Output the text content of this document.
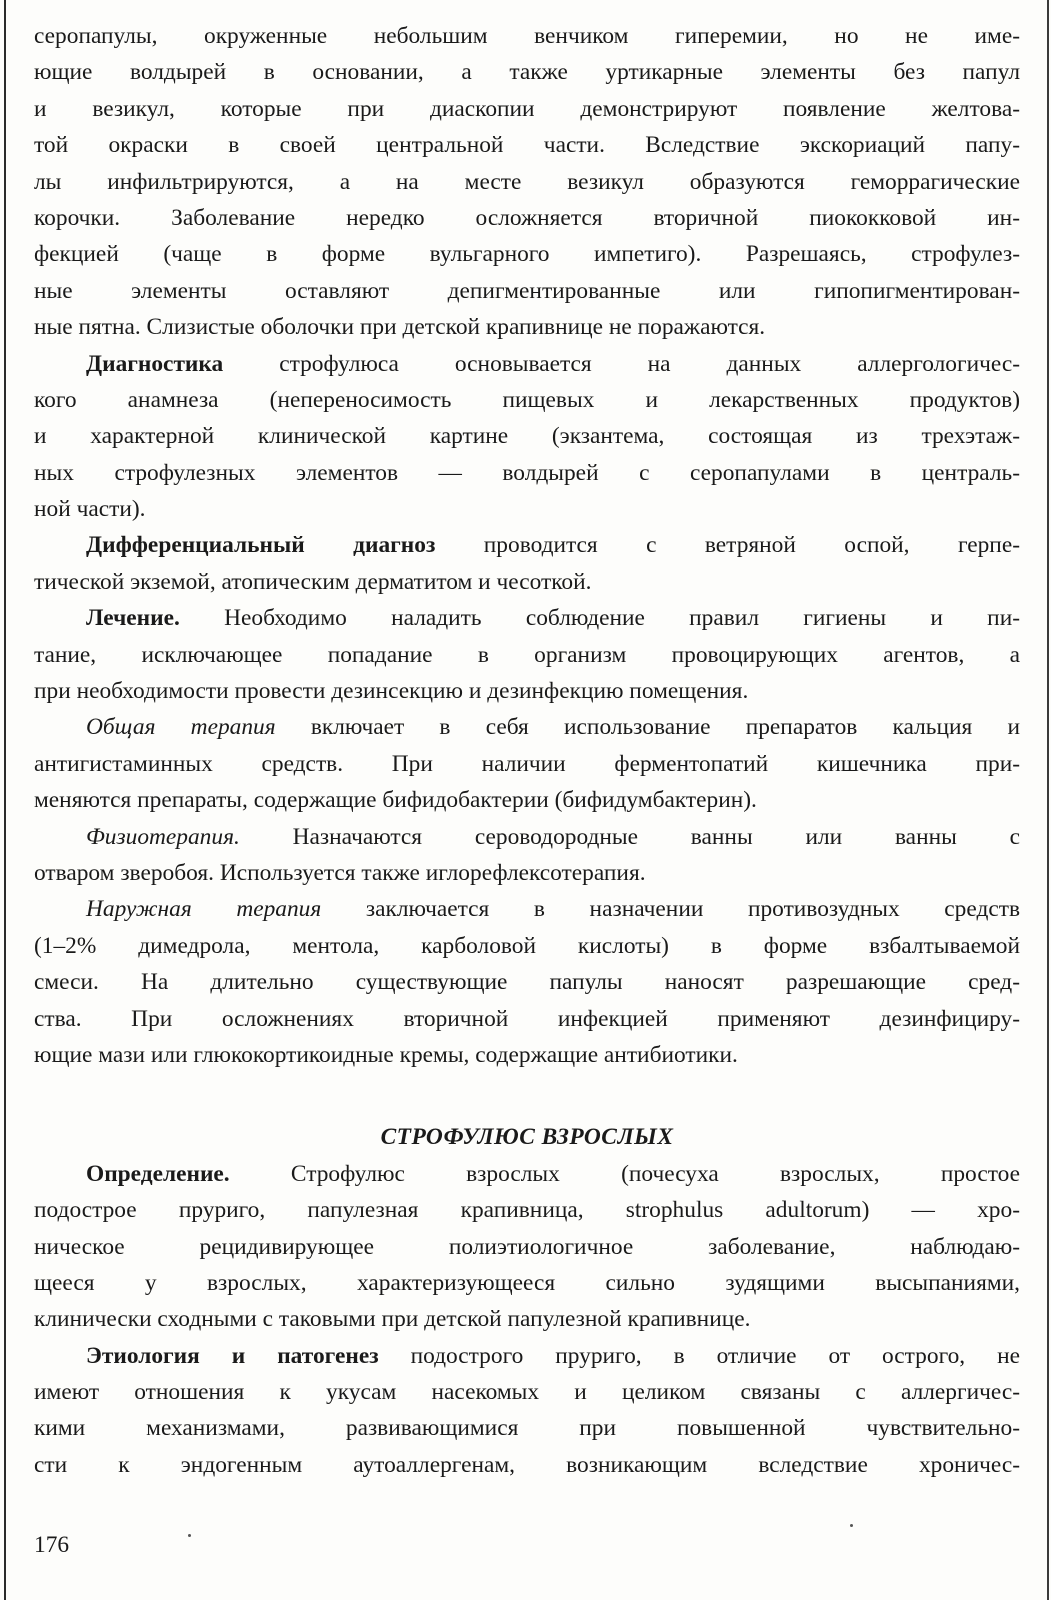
серопапулы, окруженные небольшим венчиком гиперемии, но не име-
ющие волдырей в основании, а также уртикарные элементы без папул
и везикул, которые при диаскопии демонстрируют появление желтова-
той окраски в своей центральной части. Вследствие экскориаций папу-
лы инфильтрируются, а на месте везикул образуются геморрагические
корочки. Заболевание нередко осложняется вторичной пиококковой ин-
фекцией (чаще в форме вульгарного импетиго). Разрешаясь, строфулез-
ные элементы оставляют депигментированные или гипопигментирован-
ные пятна. Слизистые оболочки при детской крапивнице не поражаются.
Диагностика строфулюса основывается на данных аллергологичес-
кого анамнеза (непереносимость пищевых и лекарственных продуктов)
и характерной клинической картине (экзантема, состоящая из трехэтаж-
ных строфулезных элементов — волдырей с серопапулами в централь-
ной части).
Дифференциальный диагноз проводится с ветряной оспой, герпе-
тической экземой, атопическим дерматитом и чесоткой.
Лечение. Необходимо наладить соблюдение правил гигиены и пи-
тание, исключающее попадание в организм провоцирующих агентов, а
при необходимости провести дезинсекцию и дезинфекцию помещения.
Общая терапия включает в себя использование препаратов кальция и
антигистаминных средств. При наличии ферментопатий кишечника при-
меняются препараты, содержащие бифидобактерии (бифидумбактерин).
Физиотерапия. Назначаются сероводородные ванны или ванны с
отваром зверобоя. Используется также иглорефлексотерапия.
Наружная терапия заключается в назначении противозудных средств
(1–2% димедрола, ментола, карболовой кислоты) в форме взбалтываемой
смеси. На длительно существующие папулы наносят разрешающие сред-
ства. При осложнениях вторичной инфекцией применяют дезинфициру-
ющие мази или глюкокортикоидные кремы, содержащие антибиотики.
СТРОФУЛЮС ВЗРОСЛЫХ
Определение. Строфулюс взрослых (почесуха взрослых, простое
подострое пруриго, папулезная крапивница, strophulus adultorum) — хро-
ническое рецидивирующее полиэтиологичное заболевание, наблюдаю-
щееся у взрослых, характеризующееся сильно зудящими высыпаниями,
клинически сходными с таковыми при детской папулезной крапивнице.
Этиология и патогенез подострого пруриго, в отличие от острого, не
имеют отношения к укусам насекомых и целиком связаны с аллергичес-
кими механизмами, развивающимися при повышенной чувствительно-
сти к эндогенным аутоаллергенам, возникающим вследствие хроничес-
176
